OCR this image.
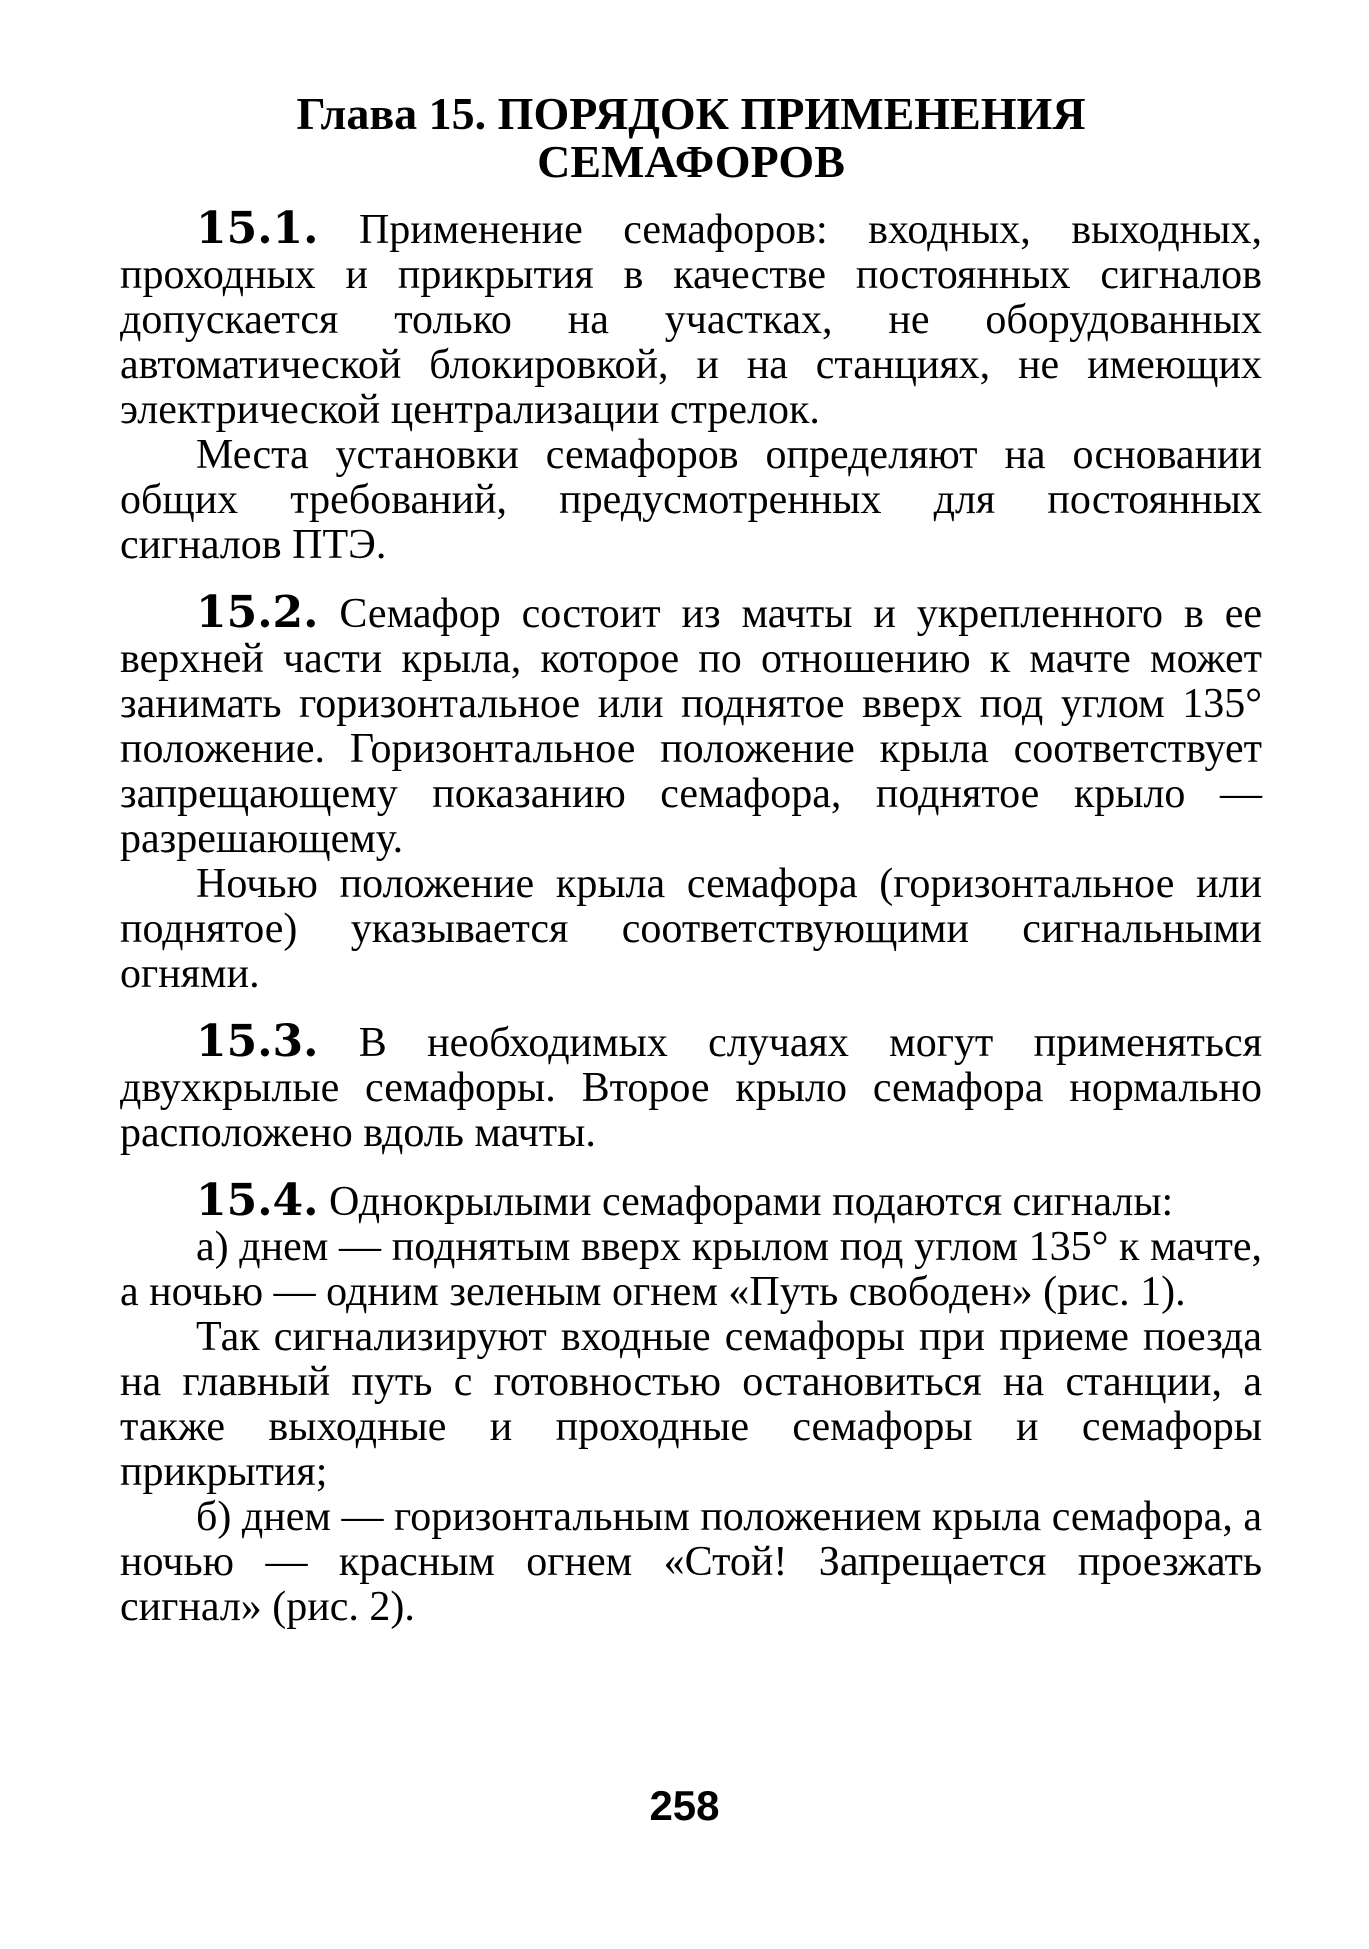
Глава 15. ПОРЯДОК ПРИМЕНЕНИЯ
СЕМАФОРОВ

15.1. Применение семафоров: входных, выходных, проходных и прикрытия в качестве постоянных сигналов допускается только на участках, не оборудованных автоматической блокировкой, и на станциях, не имеющих электрической централизации стрелок.

Места установки семафоров определяют на основании общих требований, предусмотренных для постоянных сигналов ПТЭ.

15.2. Семафор состоит из мачты и укрепленного в ее верхней части крыла, которое по отношению к мачте может занимать горизонтальное или поднятое вверх под углом 135° положение. Горизонтальное положение крыла соответствует запрещающему показанию семафора, поднятое крыло — разрешающему.

Ночью положение крыла семафора (горизонтальное или поднятое) указывается соответствующими сигнальными огнями.

15.3. В необходимых случаях могут применяться двухкрылые семафоры. Второе крыло семафора нормально расположено вдоль мачты.

15.4. Однокрылыми семафорами подаются сигналы:

а) днем — поднятым вверх крылом под углом 135° к мачте, а ночью — одним зеленым огнем «Путь свободен» (рис. 1).

Так сигнализируют входные семафоры при приеме поезда на главный путь с готовностью остановиться на станции, а также выходные и проходные семафоры и семафоры прикрытия;

б) днем — горизонтальным положением крыла семафора, а ночью — красным огнем «Стой! Запрещается проезжать сигнал» (рис. 2).

258
